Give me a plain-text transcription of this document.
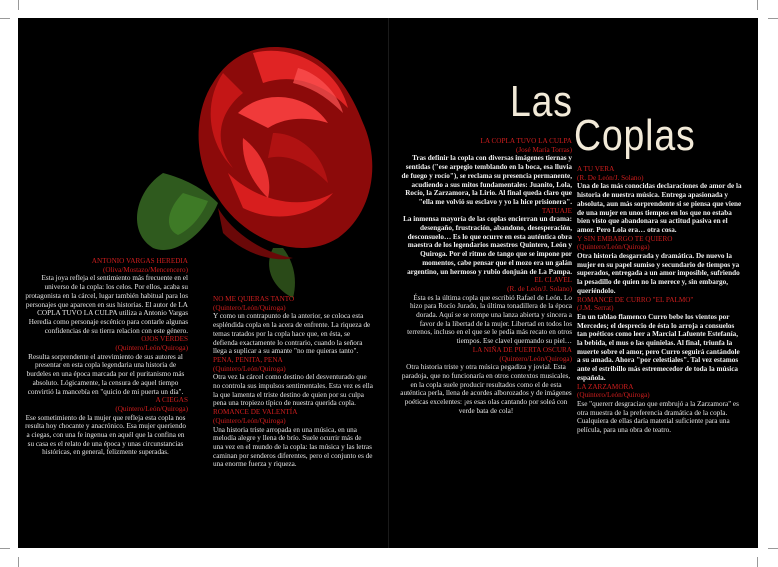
Las
Coplas

ANTONIO VARGAS HEREDIA

(Oliva/Mostazo/Mencencero)

Esta joya refleja el sentimiento más frecuente en el universo de la copla: los celos. Por ellos, acaba su protagonista en la cárcel, lugar también habitual para los personajes que aparecen en sus historias. El autor de LA COPLA TUVO LA CULPA utiliza a Antonio Vargas Heredia como personaje escénico para contarle algunas confidencias de su tierra relacion con este género.

OJOS VERDES

(Quintero/León/Quiroga)

Resulta sorprendente el atrevimiento de sus autores al presentar en esta copla legendaria una historia de burdeles en una época marcada por el puritanismo más absoluto. Lógicamente, la censura de aquel tiempo convirtió la mancebía en "quicio de mi puerta un día".

A CIEGAS

(Quintero/León/Quiroga)

Ese sometimiento de la mujer que refleja esta copla nos resulta hoy chocante y anacrónico. Esa mujer queriendo a ciegas, con una fe ingenua en aquél que la confina en su casa es el relato de una época y unas circunstancias históricas, en general, felizmente superadas.

NO ME QUIERAS TANTO

(Quintero/León/Quiroga)

Y como un contrapunto de la anterior, se coloca esta espléndida copla en la acera de enfrente. La riqueza de temas tratados por la copla hace que, en ésta, se defienda exactamente lo contrario, cuando la señora llega a suplicar a su amante "no me quieras tanto".

PENA, PENITA, PENA

(Quintero/León/Quiroga)

Otra vez la cárcel como destino del desventurado que no controla sus impulsos sentimentales. Esta vez es ella la que lamenta el triste destino de quien por su culpa pena una tropiezo típico de nuestra querida copla.

ROMANCE DE VALENTÍA

(Quintero/León/Quiroga)

Una historia triste arropada en una música, en una melodía alegre y llena de brío. Suele ocurrir más de una vez en el mundo de la copla: las música y las letras caminan por senderos diferentes, pero el conjunto es de una enorme fuerza y riqueza.

LA COPLA TUVO LA CULPA

(José María Torras)

Tras definir la copla con diversas imágenes tiernas y sentidas ("ese arpegio temblando en la boca, esa lluvia de fuego y rocío"), se reclama su presencia permanente, acudiendo a sus mitos fundamentales: Juanito, Lola, Rocío, la Zarzamora, la Lirio. Al final queda claro que "ella me volvió su esclavo y yo la hice prisionera".

TATUAJE

La inmensa mayoría de las coplas encierran un drama: desengaño, frustración, abandono, desesperación, desconsuelo… Es lo que ocurre en esta auténtica obra maestra de los legendarios maestros Quintero, León y Quiroga. Por el ritmo de tango que se impone por momentos, cabe pensar que el mozo era un galán argentino, un hermoso y rubio donjuán de La Pampa.

EL CLAVEL

(R. de León/J. Solano)

Ésta es la última copla que escribió Rafael de León. Lo hizo para Rocío Jurado, la última tonadillera de la época dorada. Aquí se se rompe una lanza abierta y sincera a favor de la libertad de la mujer. Libertad en todos los terrenos, incluso en el que se le pedía más recato en otros tiempos. Ese clavel quemando su piel…

LA NIÑA DE PUERTA OSCURA

(Quintero/León/Quiroga)

Otra historia triste y otra música pegadiza y jovial. Esta paradoja, que no funcionaría en otros contextos musicales, en la copla suele producir resultados como el de esta auténtica perla, llena de acordes alborozados y de imágenes poéticas excelentes: ¡es esas olas cantando por soleá con verde bata de cola!

A TU VERA

(R. De León/J. Solano)

Una de las más conocidas declaraciones de amor de la historia de nuestra música. Entrega apasionada y absoluta, aun más sorprendente si se piensa que viene de una mujer en unos tiempos en los que no estaba bien visto que abandonara su actitud pasiva en el amor. Pero Lola era… otra cosa.

Y SIN EMBARGO TE QUIERO

(Quintero/León/Quiroga)

Otra historia desgarrada y dramática. De nuevo la mujer en su papel sumiso y secundario de tiempos ya superados, entregada a un amor imposible, sufriendo la pesadillo de quien no la merece y, sin embargo, queriéndolo.

ROMANCE DE CURRO "EL PALMO"

(J.M. Serrat)

En un tablao flamenco Curro bebe los vientos por Mercedes; el desprecio de ésta lo arroja a consuelos tan poéticos como leer a Marcial Lafuente Estefanía, la bebida, el mus o las quinielas. Al final, triunfa la muerte sobre el amor, pero Curro seguirá cantándole a su amada. Ahora "por celestiales". Tal vez estamos ante el estribillo más estremecedor de toda la música española.

LA ZARZAMORA

(Quintero/León/Quiroga)

Ese "quererr desgraciao que embrujó a la Zarzamora" es otra muestra de la preferencia dramática de la copla. Cualquiera de ellas daría material suficiente para una película, para una obra de teatro.
